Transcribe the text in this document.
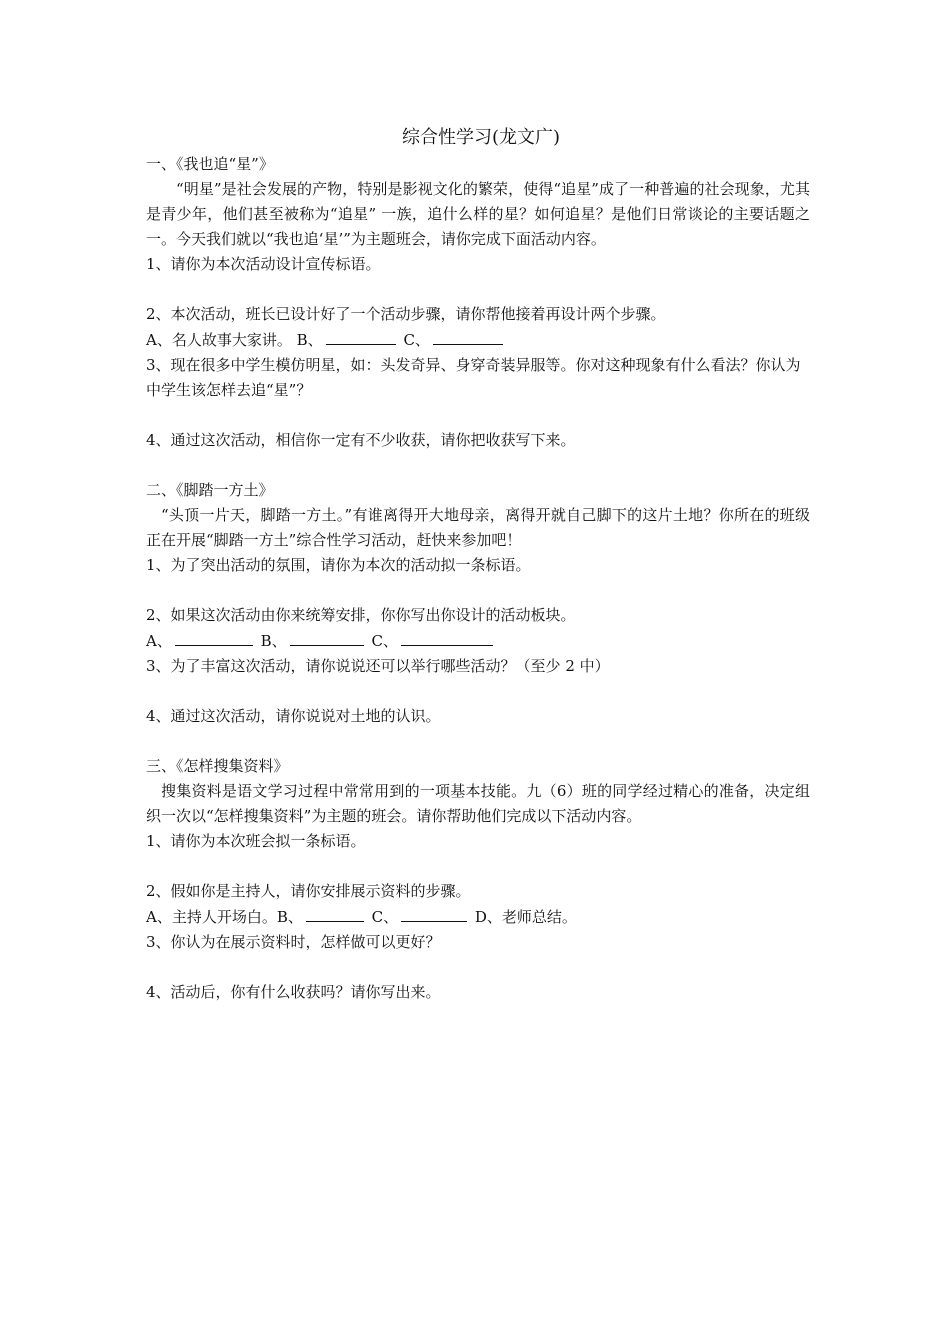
综合性学习(龙文广)
一、《我也追“星”》
“明星”是社会发展的产物，特别是影视文化的繁荣，使得“追星”成了一种普遍的社会现象，尤其是青少年，他们甚至被称为“追星” 一族，追什么样的星？如何追星？是他们日常谈论的主要话题之一。今天我们就以“我也追‘星’”为主题班会，请你完成下面活动内容。
1、请你为本次活动设计宣传标语。
2、本次活动，班长已设计好了一个活动步骤，请你帮他接着再设计两个步骤。
A、名人故事大家讲。 B、	C、
3、现在很多中学生模仿明星，如：头发奇异、身穿奇装异服等。你对这种现象有什么看法？你认为中学生该怎样去追“星”？
4、通过这次活动，相信你一定有不少收获，请你把收获写下来。
二、《脚踏一方土》
“头顶一片天，脚踏一方土。”有谁离得开大地母亲，离得开就自己脚下的这片土地？你所在的班级正在开展“脚踏一方土”综合性学习活动，赶快来参加吧！
1、为了突出活动的氛围，请你为本次的活动拟一条标语。
2、如果这次活动由你来统筹安排，你你写出你设计的活动板块。
A、	B、	C、
3、为了丰富这次活动，请你说说还可以举行哪些活动？（至少 2 中）
4、通过这次活动，请你说说对土地的认识。
三、《怎样搜集资料》
搜集资料是语文学习过程中常常用到的一项基本技能。九（6）班的同学经过精心的准备，决定组织一次以“怎样搜集资料”为主题的班会。请你帮助他们完成以下活动内容。
1、请你为本次班会拟一条标语。
2、假如你是主持人，请你安排展示资料的步骤。
A、主持人开场白。B、	C、	D、老师总结。
3、你认为在展示资料时，怎样做可以更好？
4、活动后，你有什么收获吗？请你写出来。
